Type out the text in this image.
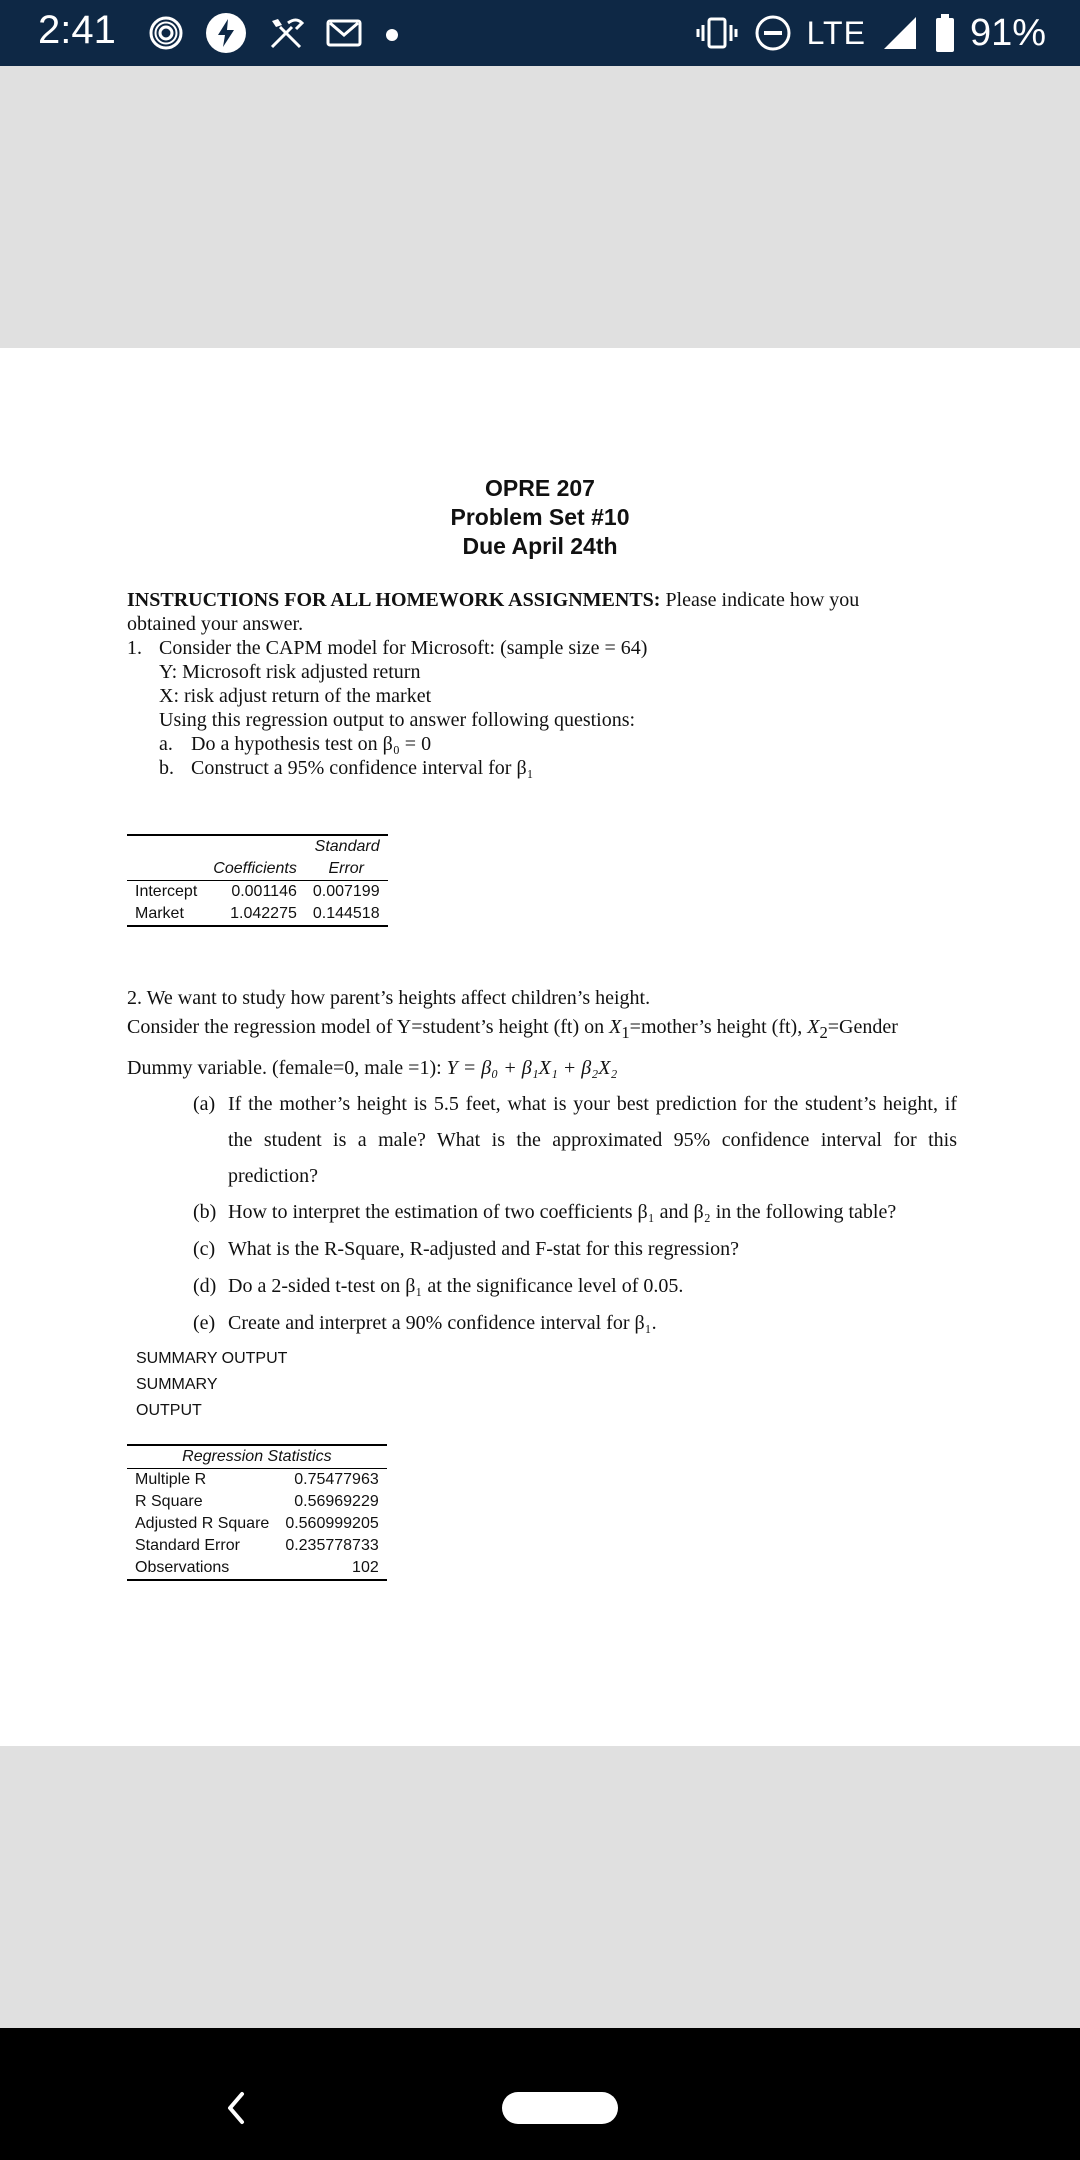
2:41	LTE	91%
OPRE 207
Problem Set #10
Due April 24th

INSTRUCTIONS FOR ALL HOMEWORK ASSIGNMENTS: Please indicate how you

obtained your answer.

1. Consider the CAPM model for Microsoft: (sample size = 64)

Y: Microsoft risk adjusted return

X: risk adjust return of the market

Using this regression output to answer following questions:

a. Do a hypothesis test on β₀ = 0
b. Construct a 95% confidence interval for β₁
		Standard
	Coefficients	Error
Intercept	0.001146	0.007199
Market	1.042275	0.144518
2. We want to study how parent’s heights affect children’s height.
Consider the regression model of Y=student’s height (ft) on $X_1=mother’s$ height (ft), $X_2=Gender$
Dummy variable. (female=0, male =1): Y = β₀ + β₁X₁ + β₂X₂
(a) If the mother’s height is 5.5 feet, what is your best prediction for the student’s height, if the student is a male? What is the approximated 95% confidence interval for this prediction?
(b) How to interpret the estimation of two coefficients β₁ and β₂ in the following table?
(c) What is the R-Square, R-adjusted and F-stat for this regression?
(d) Do a 2-sided t-test on β₁ at the significance level of 0.05.
(e) Create and interpret a 90% confidence interval for β₁.
SUMMARY OUTPUT
SUMMARY
OUTPUT
Regression Statistics	
Multiple R	0.75477963
R Square	0.56969229
Adjusted R Square	0.560999205
Standard Error	0.235778733
Observations	102
